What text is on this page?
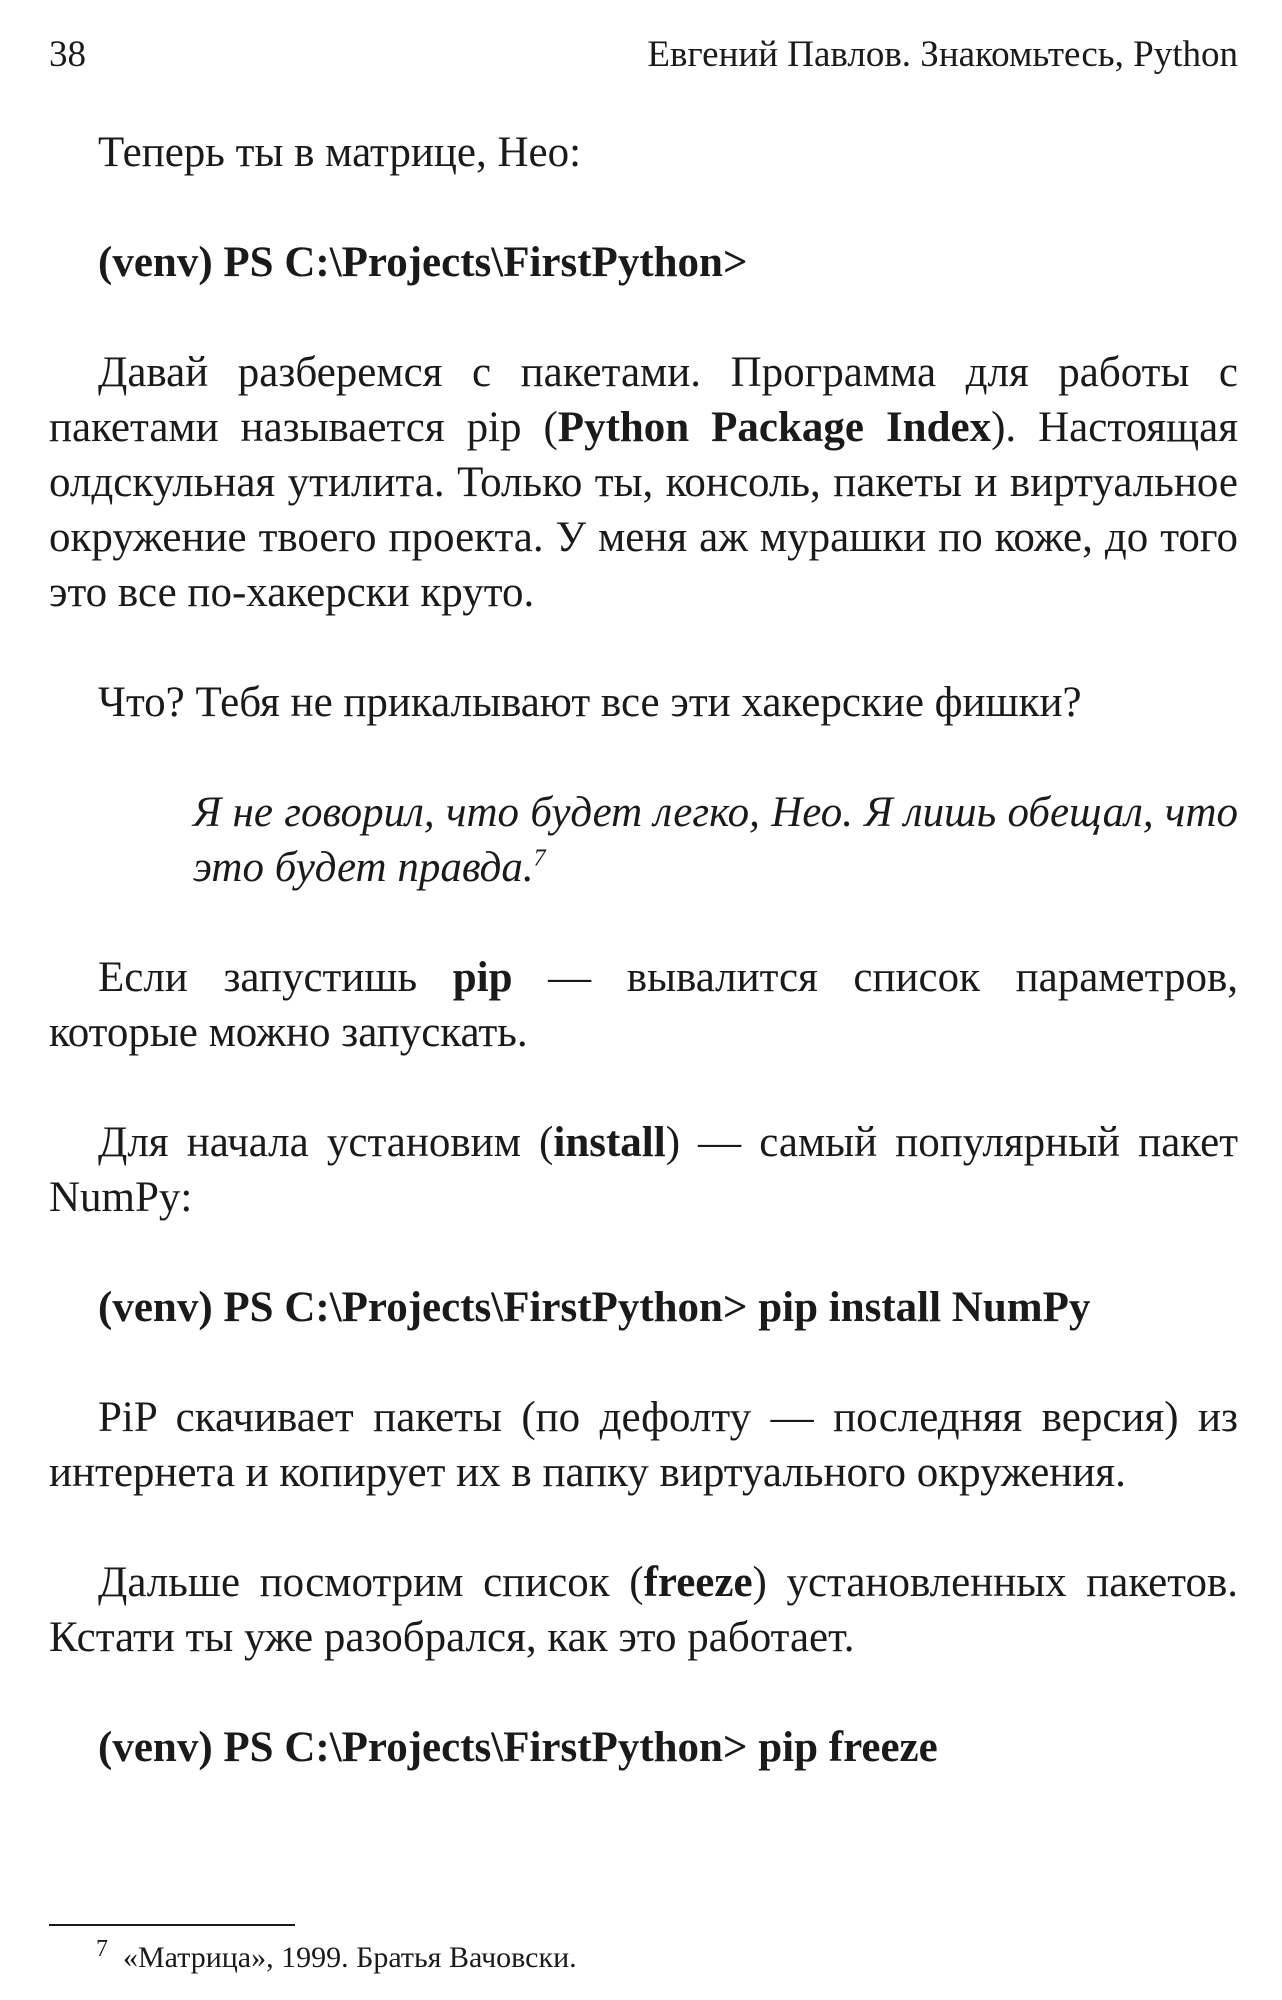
38	Евгений Павлов. Знакомьтесь, Python

Теперь ты в матрице, Нео:

(venv) PS C:\Projects\FirstPython>

Давай разберемся с пакетами. Программа для работы с пакетами называется pip (Python Package Index). Настоящая олдскульная утилита. Только ты, консоль, пакеты и виртуальное окружение твоего проекта. У меня аж мурашки по коже, до того это все по-хакерски круто.

Что? Тебя не прикалывают все эти хакерские фишки?

Я не говорил, что будет легко, Нео. Я лишь обещал, что это будет правда.$^7$

Если запустишь pip — вывалится список параметров, которые можно запускать.

Для начала установим (install) — самый популярный пакет NumPy:

(venv) PS C:\Projects\FirstPython> pip install NumPy

PiP скачивает пакеты (по дефолту — последняя версия) из интернета и копирует их в папку виртуального окружения.

Дальше посмотрим список (freeze) установленных пакетов. Кстати ты уже разобрался, как это работает.

(venv) PS C:\Projects\FirstPython> pip freeze

$^7$ «Матрица», 1999. Братья Вачовски.
